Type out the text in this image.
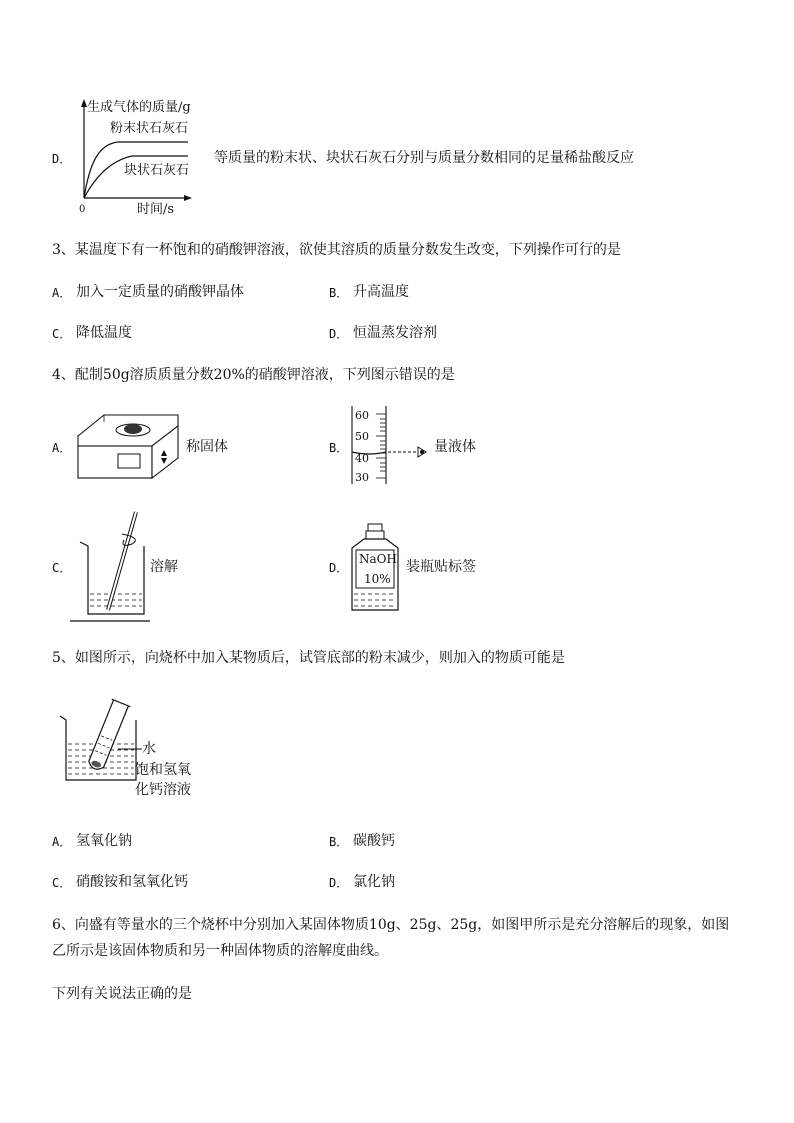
D．
生成气体的质量/g
粉末状石灰石
块状石灰石
0	时间/s
等质量的粉末状、块状石灰石分别与质量分数相同的足量稀盐酸反应
3、某温度下有一杯饱和的硝酸钾溶液，欲使其溶质的质量分数发生改变，下列操作可行的是
A． 加入一定质量的硝酸钾晶体	B． 升高温度
C． 降低温度	D． 恒温蒸发溶剂
4、配制50g溶质质量分数20%的硝酸钾溶液，下列图示错误的是
A．	称固体	B．
60
50
40
30
量液体
C．	溶解	D．
NaOH
10%
装瓶贴标签
5、如图所示，向烧杯中加入某物质后，试管底部的粉末减少，则加入的物质可能是
水
饱和氢氧
化钙溶液
A． 氢氧化钠	B． 碳酸钙
C． 硝酸铵和氢氧化钙	D． 氯化钠
6、向盛有等量水的三个烧杯中分别加入某固体物质10g、25g、25g，如图甲所示是充分溶解后的现象，如图
乙所示是该固体物质和另一种固体物质的溶解度曲线。
下列有关说法正确的是
